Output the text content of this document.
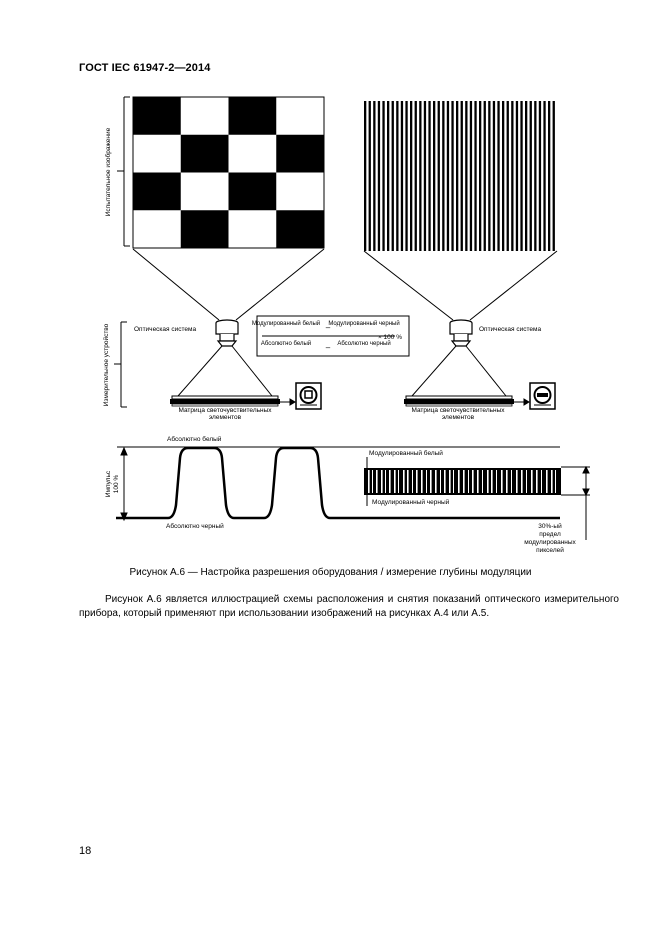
ГОСТ IEC 61947-2—2014
Испытательное изображение
Оптическая система	Оптическая система
Измерительное устройство	Модулированный белый –
Модулированный черный
Абсолютно белый – Абсолютно черный
× 100 %
Матрица светочувствительных элементов
Матрица светочувствительных элементов
Импульс100 %
Абсолютно белый
Абсолютно черный
Модулированный белый
Модулированный черный
30%-ый предел модулированных пикселей
Рисунок А.6 — Настройка разрешения оборудования / измерение глубины модуляции
Рисунок А.6 является иллюстрацией схемы расположения и снятия показаний оптического измерительного прибора, который применяют при использовании изображений на рисунках А.4 или А.5.
18
